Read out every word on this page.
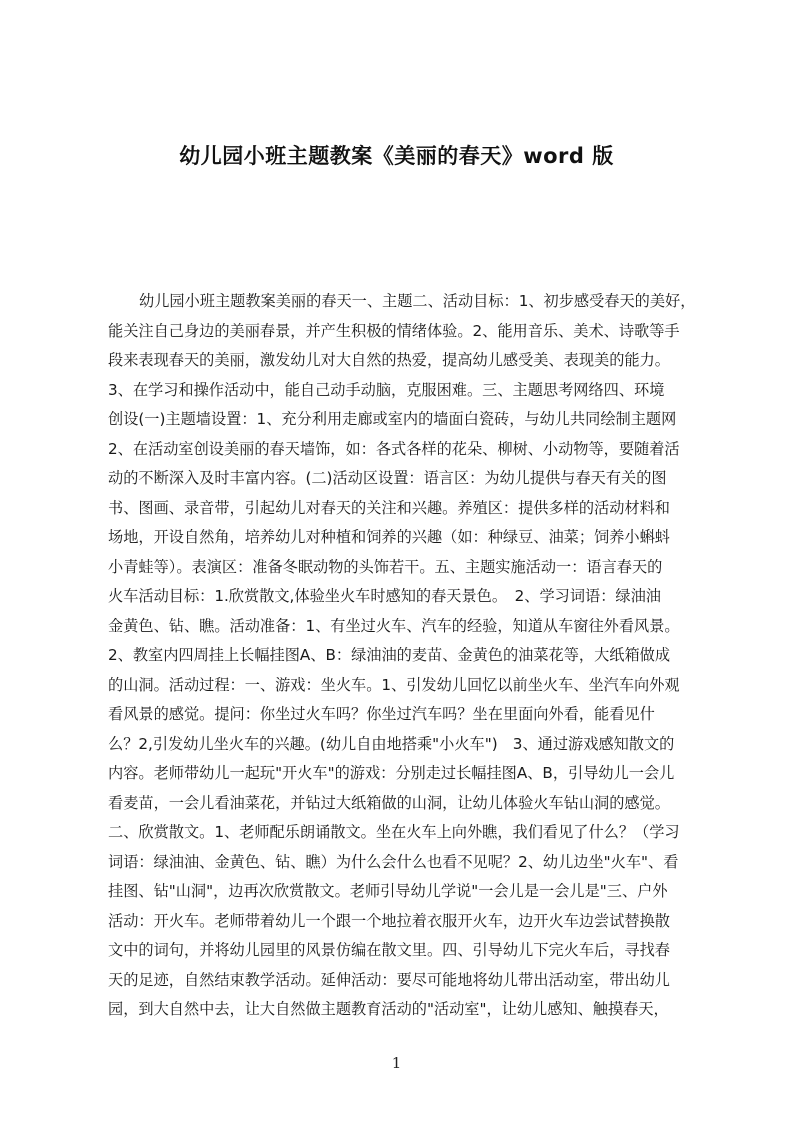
幼儿园小班主题教案《美丽的春天》word 版
幼儿园小班主题教案美丽的春天一、主题二、活动目标：1、初步感受春天的美好，
能关注自己身边的美丽春景，并产生积极的情绪体验。2、能用音乐、美术、诗歌等手
段来表现春天的美丽，激发幼儿对大自然的热爱，提高幼儿感受美、表现美的能力。
3、在学习和操作活动中，能自己动手动脑，克服困难。三、主题思考网络四、环境
创设(一)主题墙设置：1、充分利用走廊或室内的墙面白瓷砖，与幼儿共同绘制主题网
2、在活动室创设美丽的春天墙饰，如：各式各样的花朵、柳树、小动物等，要随着活
动的不断深入及时丰富内容。(二)活动区设置：语言区：为幼儿提供与春天有关的图
书、图画、录音带，引起幼儿对春天的关注和兴趣。养殖区：提供多样的活动材料和
场地，开设自然角，培养幼儿对种植和饲养的兴趣（如：种绿豆、油菜；饲养小蝌蚪
小青蛙等）。表演区：准备冬眠动物的头饰若干。五、主题实施活动一：语言春天的
火车活动目标：1.欣赏散文,体验坐火车时感知的春天景色。　2、学习词语：绿油油
金黄色、钻、瞧。活动准备：1、有坐过火车、汽车的经验，知道从车窗往外看风景。
2、教室内四周挂上长幅挂图A、B：绿油油的麦苗、金黄色的油菜花等，大纸箱做成
的山洞。活动过程：一、游戏：坐火车。1、引发幼儿回忆以前坐火车、坐汽车向外观
看风景的感觉。提问：你坐过火车吗？你坐过汽车吗？坐在里面向外看，能看见什
么？2,引发幼儿坐火车的兴趣。(幼儿自由地搭乘"小火车")　3、通过游戏感知散文的
内容。老师带幼儿一起玩"开火车"的游戏：分别走过长幅挂图A、B，引导幼儿一会儿
看麦苗，一会儿看油菜花，并钻过大纸箱做的山洞，让幼儿体验火车钻山洞的感觉。
二、欣赏散文。1、老师配乐朗诵散文。坐在火车上向外瞧，我们看见了什么？（学习
词语：绿油油、金黄色、钻、瞧）为什么会什么也看不见呢？2、幼儿边坐"火车"、看
挂图、钻"山洞"，边再次欣赏散文。老师引导幼儿学说"一会儿是一会儿是"三、户外
活动：开火车。老师带着幼儿一个跟一个地拉着衣服开火车，边开火车边尝试替换散
文中的词句，并将幼儿园里的风景仿编在散文里。四、引导幼儿下完火车后，寻找春
天的足迹，自然结束教学活动。延伸活动：要尽可能地将幼儿带出活动室，带出幼儿
园，到大自然中去，让大自然做主题教育活动的"活动室"，让幼儿感知、触摸春天，
1
